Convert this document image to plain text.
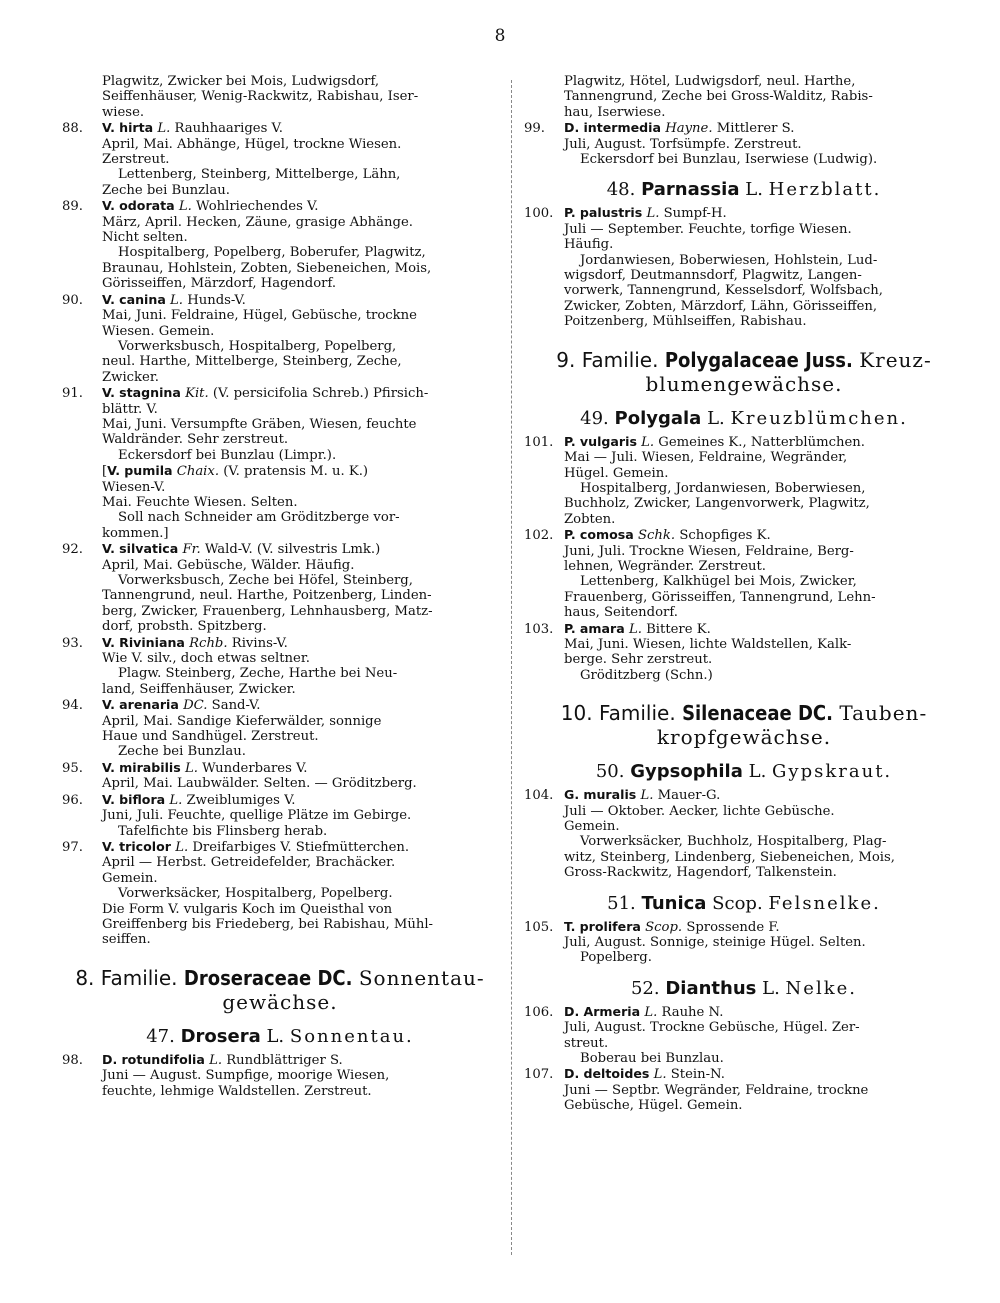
8
Plagwitz, Zwicker bei Mois, Ludwigsdorf,
Seiffenhäuser, Wenig-Rackwitz, Rabishau, Iser-
wiese.
88. V. hirta L. Rauhhaariges V.
April, Mai. Abhänge, Hügel, trockne Wiesen.
Zerstreut.
Lettenberg, Steinberg, Mittelberge, Lähn,
Zeche bei Bunzlau.
89. V. odorata L. Wohlriechendes V.
März, April. Hecken, Zäune, grasige Abhänge.
Nicht selten.
Hospitalberg, Popelberg, Boberufer, Plagwitz,
Braunau, Hohlstein, Zobten, Siebeneichen, Mois,
Görisseiffen, Märzdorf, Hagendorf.
90. V. canina L. Hunds-V.
Mai, Juni. Feldraine, Hügel, Gebüsche, trockne
Wiesen. Gemein.
Vorwerksbusch, Hospitalberg, Popelberg,
neul. Harthe, Mittelberge, Steinberg, Zeche,
Zwicker.
91. V. stagnina Kit. (V. persicifolia Schreb.) Pfirsich-
blättr. V.
Mai, Juni. Versumpfte Gräben, Wiesen, feuchte
Waldränder. Sehr zerstreut.
Eckersdorf bei Bunzlau (Limpr.).
[V. pumila Chaix. (V. pratensis M. u. K.)
Wiesen-V.
Mai. Feuchte Wiesen. Selten.
Soll nach Schneider am Gröditzberge vor-
kommen.]
92. V. silvatica Fr. Wald-V. (V. silvestris Lmk.)
April, Mai. Gebüsche, Wälder. Häufig.
Vorwerksbusch, Zeche bei Höfel, Steinberg,
Tannengrund, neul. Harthe, Poitzenberg, Linden-
berg, Zwicker, Frauenberg, Lehnhausberg, Matz-
dorf, probsth. Spitzberg.
93. V. Riviniana Rchb. Rivins-V.
Wie V. silv., doch etwas seltner.
Plagw. Steinberg, Zeche, Harthe bei Neu-
land, Seiffenhäuser, Zwicker.
94. V. arenaria DC. Sand-V.
April, Mai. Sandige Kieferwälder, sonnige
Haue und Sandhügel. Zerstreut.
Zeche bei Bunzlau.
95. V. mirabilis L. Wunderbares V.
April, Mai. Laubwälder. Selten. — Gröditzberg.
96. V. biflora L. Zweiblumiges V.
Juni, Juli. Feuchte, quellige Plätze im Gebirge.
Tafelfichte bis Flinsberg herab.
97. V. tricolor L. Dreifarbiges V. Stiefmütterchen.
April — Herbst. Getreidefelder, Brachäcker.
Gemein.
Vorwerksäcker, Hospitalberg, Popelberg.
Die Form V. vulgaris Koch im Queisthal von
Greiffenberg bis Friedeberg, bei Rabishau, Mühl-
seiffen.
8. Familie. Droseraceae DC. Sonnentau-
gewächse.
47. Drosera L. Sonnentau.
98. D. rotundifolia L. Rundblättriger S.
Juni — August. Sumpfige, moorige Wiesen,
feuchte, lehmige Waldstellen. Zerstreut.
Plagwitz, Hötel, Ludwigsdorf, neul. Harthe,
Tannengrund, Zeche bei Gross-Walditz, Rabis-
hau, Iserwiese.
99. D. intermedia Hayne. Mittlerer S.
Juli, August. Torfsümpfe. Zerstreut.
Eckersdorf bei Bunzlau, Iserwiese (Ludwig).
48. Parnassia L. Herzblatt.
100. P. palustris L. Sumpf-H.
Juli — September. Feuchte, torfige Wiesen.
Häufig.
Jordanwiesen, Boberwiesen, Hohlstein, Lud-
wigsdorf, Deutmannsdorf, Plagwitz, Langen-
vorwerk, Tannengrund, Kesselsdorf, Wolfsbach,
Zwicker, Zobten, Märzdorf, Lähn, Görisseiffen,
Poitzenberg, Mühlseiffen, Rabishau.
9. Familie. Polygalaceae Juss. Kreuz-
blumengewächse.
49. Polygala L. Kreuzblümchen.
101. P. vulgaris L. Gemeines K., Natterblümchen.
Mai — Juli. Wiesen, Feldraine, Wegränder,
Hügel. Gemein.
Hospitalberg, Jordanwiesen, Boberwiesen,
Buchholz, Zwicker, Langenvorwerk, Plagwitz,
Zobten.
102. P. comosa Schk. Schopfiges K.
Juni, Juli. Trockne Wiesen, Feldraine, Berg-
lehnen, Wegränder. Zerstreut.
Lettenberg, Kalkhügel bei Mois, Zwicker,
Frauenberg, Görisseiffen, Tannengrund, Lehn-
haus, Seitendorf.
103. P. amara L. Bittere K.
Mai, Juni. Wiesen, lichte Waldstellen, Kalk-
berge. Sehr zerstreut.
Gröditzberg (Schn.)
10. Familie. Silenaceae DC. Tauben-
kropfgewächse.
50. Gypsophila L. Gypskraut.
104. G. muralis L. Mauer-G.
Juli — Oktober. Aecker, lichte Gebüsche.
Gemein.
Vorwerksäcker, Buchholz, Hospitalberg, Plag-
witz, Steinberg, Lindenberg, Siebeneichen, Mois,
Gross-Rackwitz, Hagendorf, Talkenstein.
51. Tunica Scop. Felsnelke.
105. T. prolifera Scop. Sprossende F.
Juli, August. Sonnige, steinige Hügel. Selten.
Popelberg.
52. Dianthus L. Nelke.
106. D. Armeria L. Rauhe N.
Juli, August. Trockne Gebüsche, Hügel. Zer-
streut.
Boberau bei Bunzlau.
107. D. deltoides L. Stein-N.
Juni — Septbr. Wegränder, Feldraine, trockne
Gebüsche, Hügel. Gemein.
